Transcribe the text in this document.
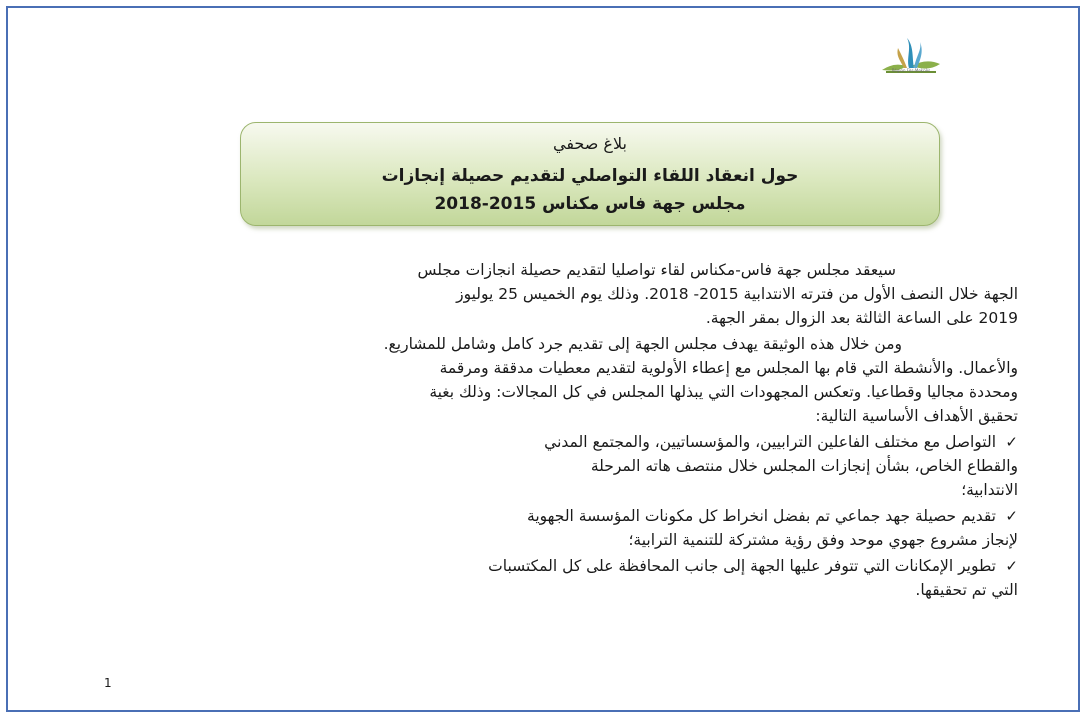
Région Fès-Meknès
بلاغ صحفي
حول انعقاد اللقاء التواصلي لتقديم حصيلة إنجازات
مجلس جهة فاس مكناس 2015-2018
سيعقد مجلس جهة فاس-مكناس لقاء تواصليا لتقديم حصيلة انجازات مجلس
الجهة خلال النصف الأول من فترته الانتدابية 2015- 2018. وذلك يوم الخميس 25 يوليوز
2019 على الساعة الثالثة بعد الزوال بمقر الجهة.
ومن خلال هذه الوثيقة يهدف مجلس الجهة إلى تقديم جرد كامل وشامل للمشاريع.
والأعمال. والأنشطة التي قام بها المجلس مع إعطاء الأولوية لتقديم معطيات مدققة ومرقمة
ومحددة مجاليا وقطاعيا. وتعكس المجهودات التي يبذلها المجلس في كل المجالات: وذلك بغية
تحقيق الأهداف الأساسية التالية:
✓التواصل مع مختلف الفاعلين الترابيين، والمؤسساتيين، والمجتمع المدني
والقطاع الخاص، بشأن إنجازات المجلس خلال منتصف هاته المرحلة
الانتدابية؛
✓تقديم حصيلة جهد جماعي تم بفضل انخراط كل مكونات المؤسسة الجهوية
لإنجاز مشروع جهوي موحد وفق رؤية مشتركة للتنمية الترابية؛
✓تطوير الإمكانات التي تتوفر عليها الجهة إلى جانب المحافظة على كل المكتسبات
التي تم تحقيقها.
1
